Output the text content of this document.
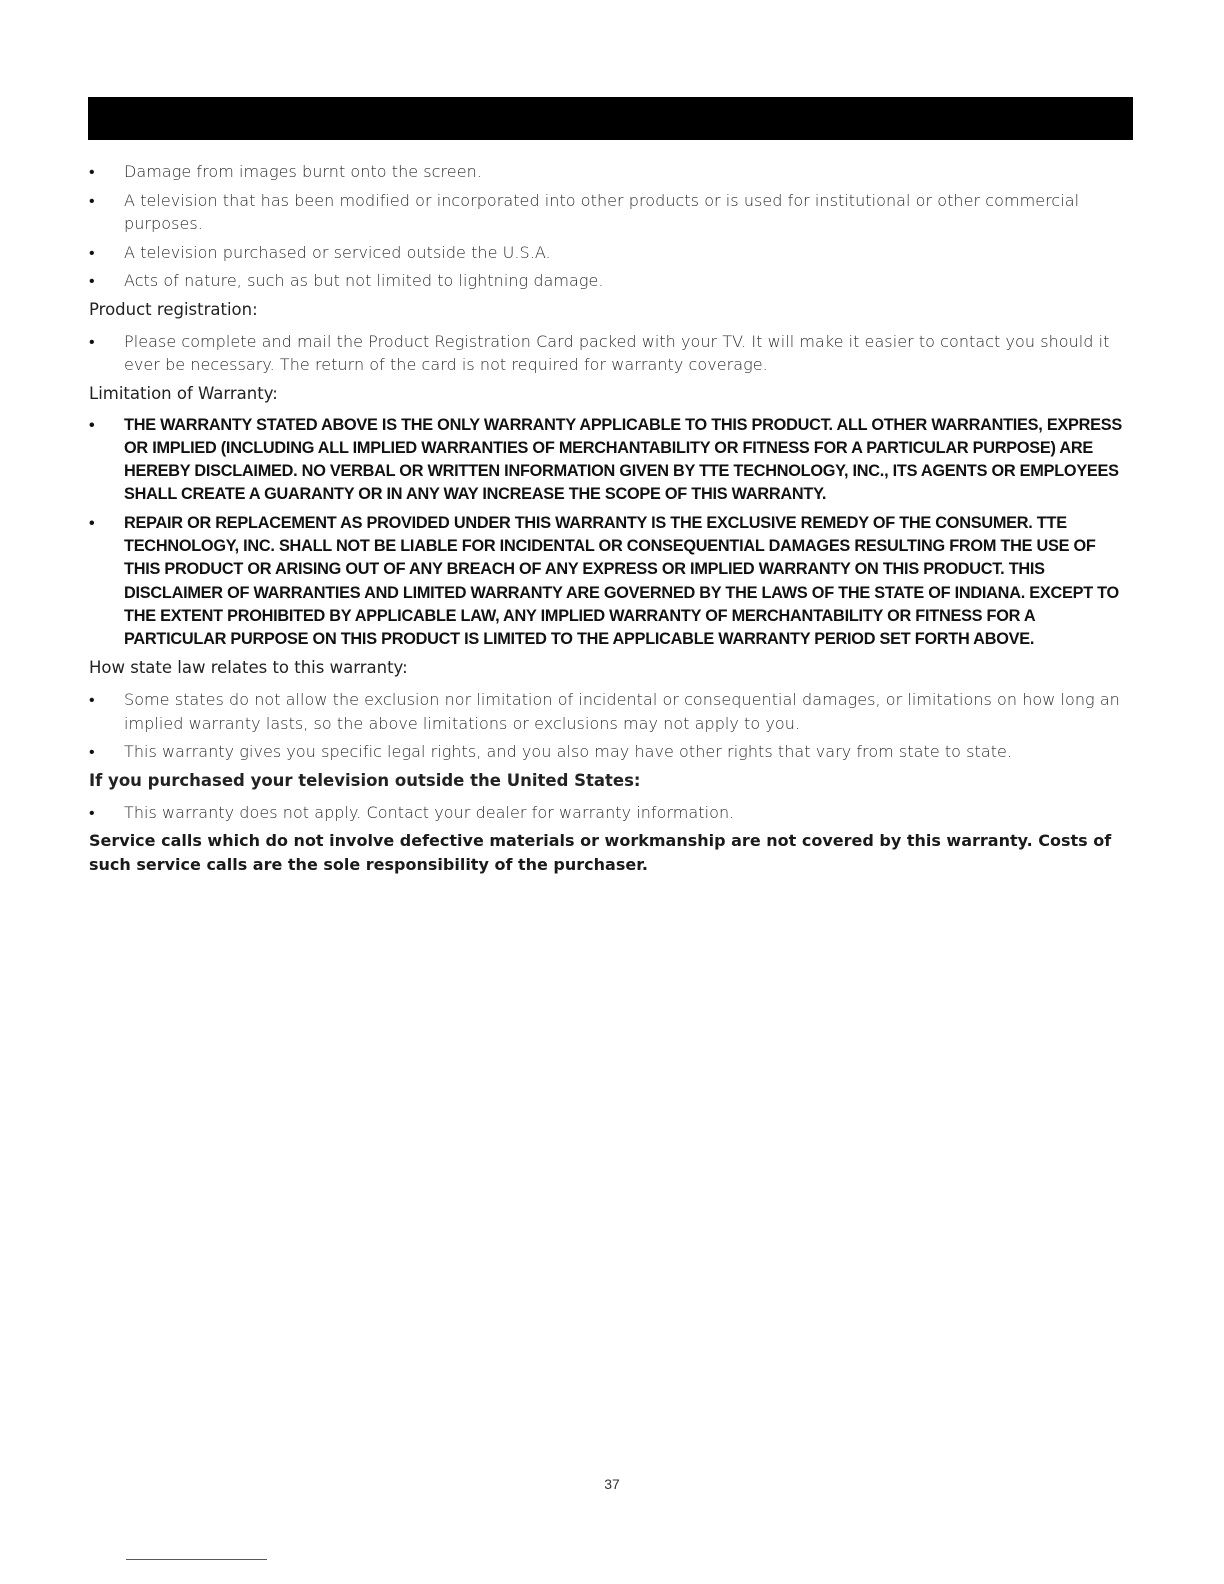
• Damage from images burnt onto the screen.
• A television that has been modified or incorporated into other products or is used for institutional or other commercial purposes.
• A television purchased or serviced outside the U.S.A.
• Acts of nature, such as but not limited to lightning damage.
Product registration:
• Please complete and mail the Product Registration Card packed with your TV. It will make it easier to contact you should it ever be necessary. The return of the card is not required for warranty coverage.
Limitation of Warranty:
• THE WARRANTY STATED ABOVE IS THE ONLY WARRANTY APPLICABLE TO THIS PRODUCT. ALL OTHER WARRANTIES, EXPRESS OR IMPLIED (INCLUDING ALL IMPLIED WARRANTIES OF MERCHANTABILITY OR FITNESS FOR A PARTICULAR PURPOSE) ARE HEREBY DISCLAIMED. NO VERBAL OR WRITTEN INFORMATION GIVEN BY TTE TECHNOLOGY, INC., ITS AGENTS OR EMPLOYEES SHALL CREATE A GUARANTY OR IN ANY WAY INCREASE THE SCOPE OF THIS WARRANTY.
• REPAIR OR REPLACEMENT AS PROVIDED UNDER THIS WARRANTY IS THE EXCLUSIVE REMEDY OF THE CONSUMER. TTE TECHNOLOGY, INC. SHALL NOT BE LIABLE FOR INCIDENTAL OR CONSEQUENTIAL DAMAGES RESULTING FROM THE USE OF THIS PRODUCT OR ARISING OUT OF ANY BREACH OF ANY EXPRESS OR IMPLIED WARRANTY ON THIS PRODUCT. THIS DISCLAIMER OF WARRANTIES AND LIMITED WARRANTY ARE GOVERNED BY THE LAWS OF THE STATE OF INDIANA. EXCEPT TO THE EXTENT PROHIBITED BY APPLICABLE LAW, ANY IMPLIED WARRANTY OF MERCHANTABILITY OR FITNESS FOR A PARTICULAR PURPOSE ON THIS PRODUCT IS LIMITED TO THE APPLICABLE WARRANTY PERIOD SET FORTH ABOVE.
How state law relates to this warranty:
• Some states do not allow the exclusion nor limitation of incidental or consequential damages, or limitations on how long an implied warranty lasts, so the above limitations or exclusions may not apply to you.
• This warranty gives you specific legal rights, and you also may have other rights that vary from state to state.
If you purchased your television outside the United States:
• This warranty does not apply. Contact your dealer for warranty information.
Service calls which do not involve defective materials or workmanship are not covered by this warranty. Costs of such service calls are the sole responsibility of the purchaser.
37
